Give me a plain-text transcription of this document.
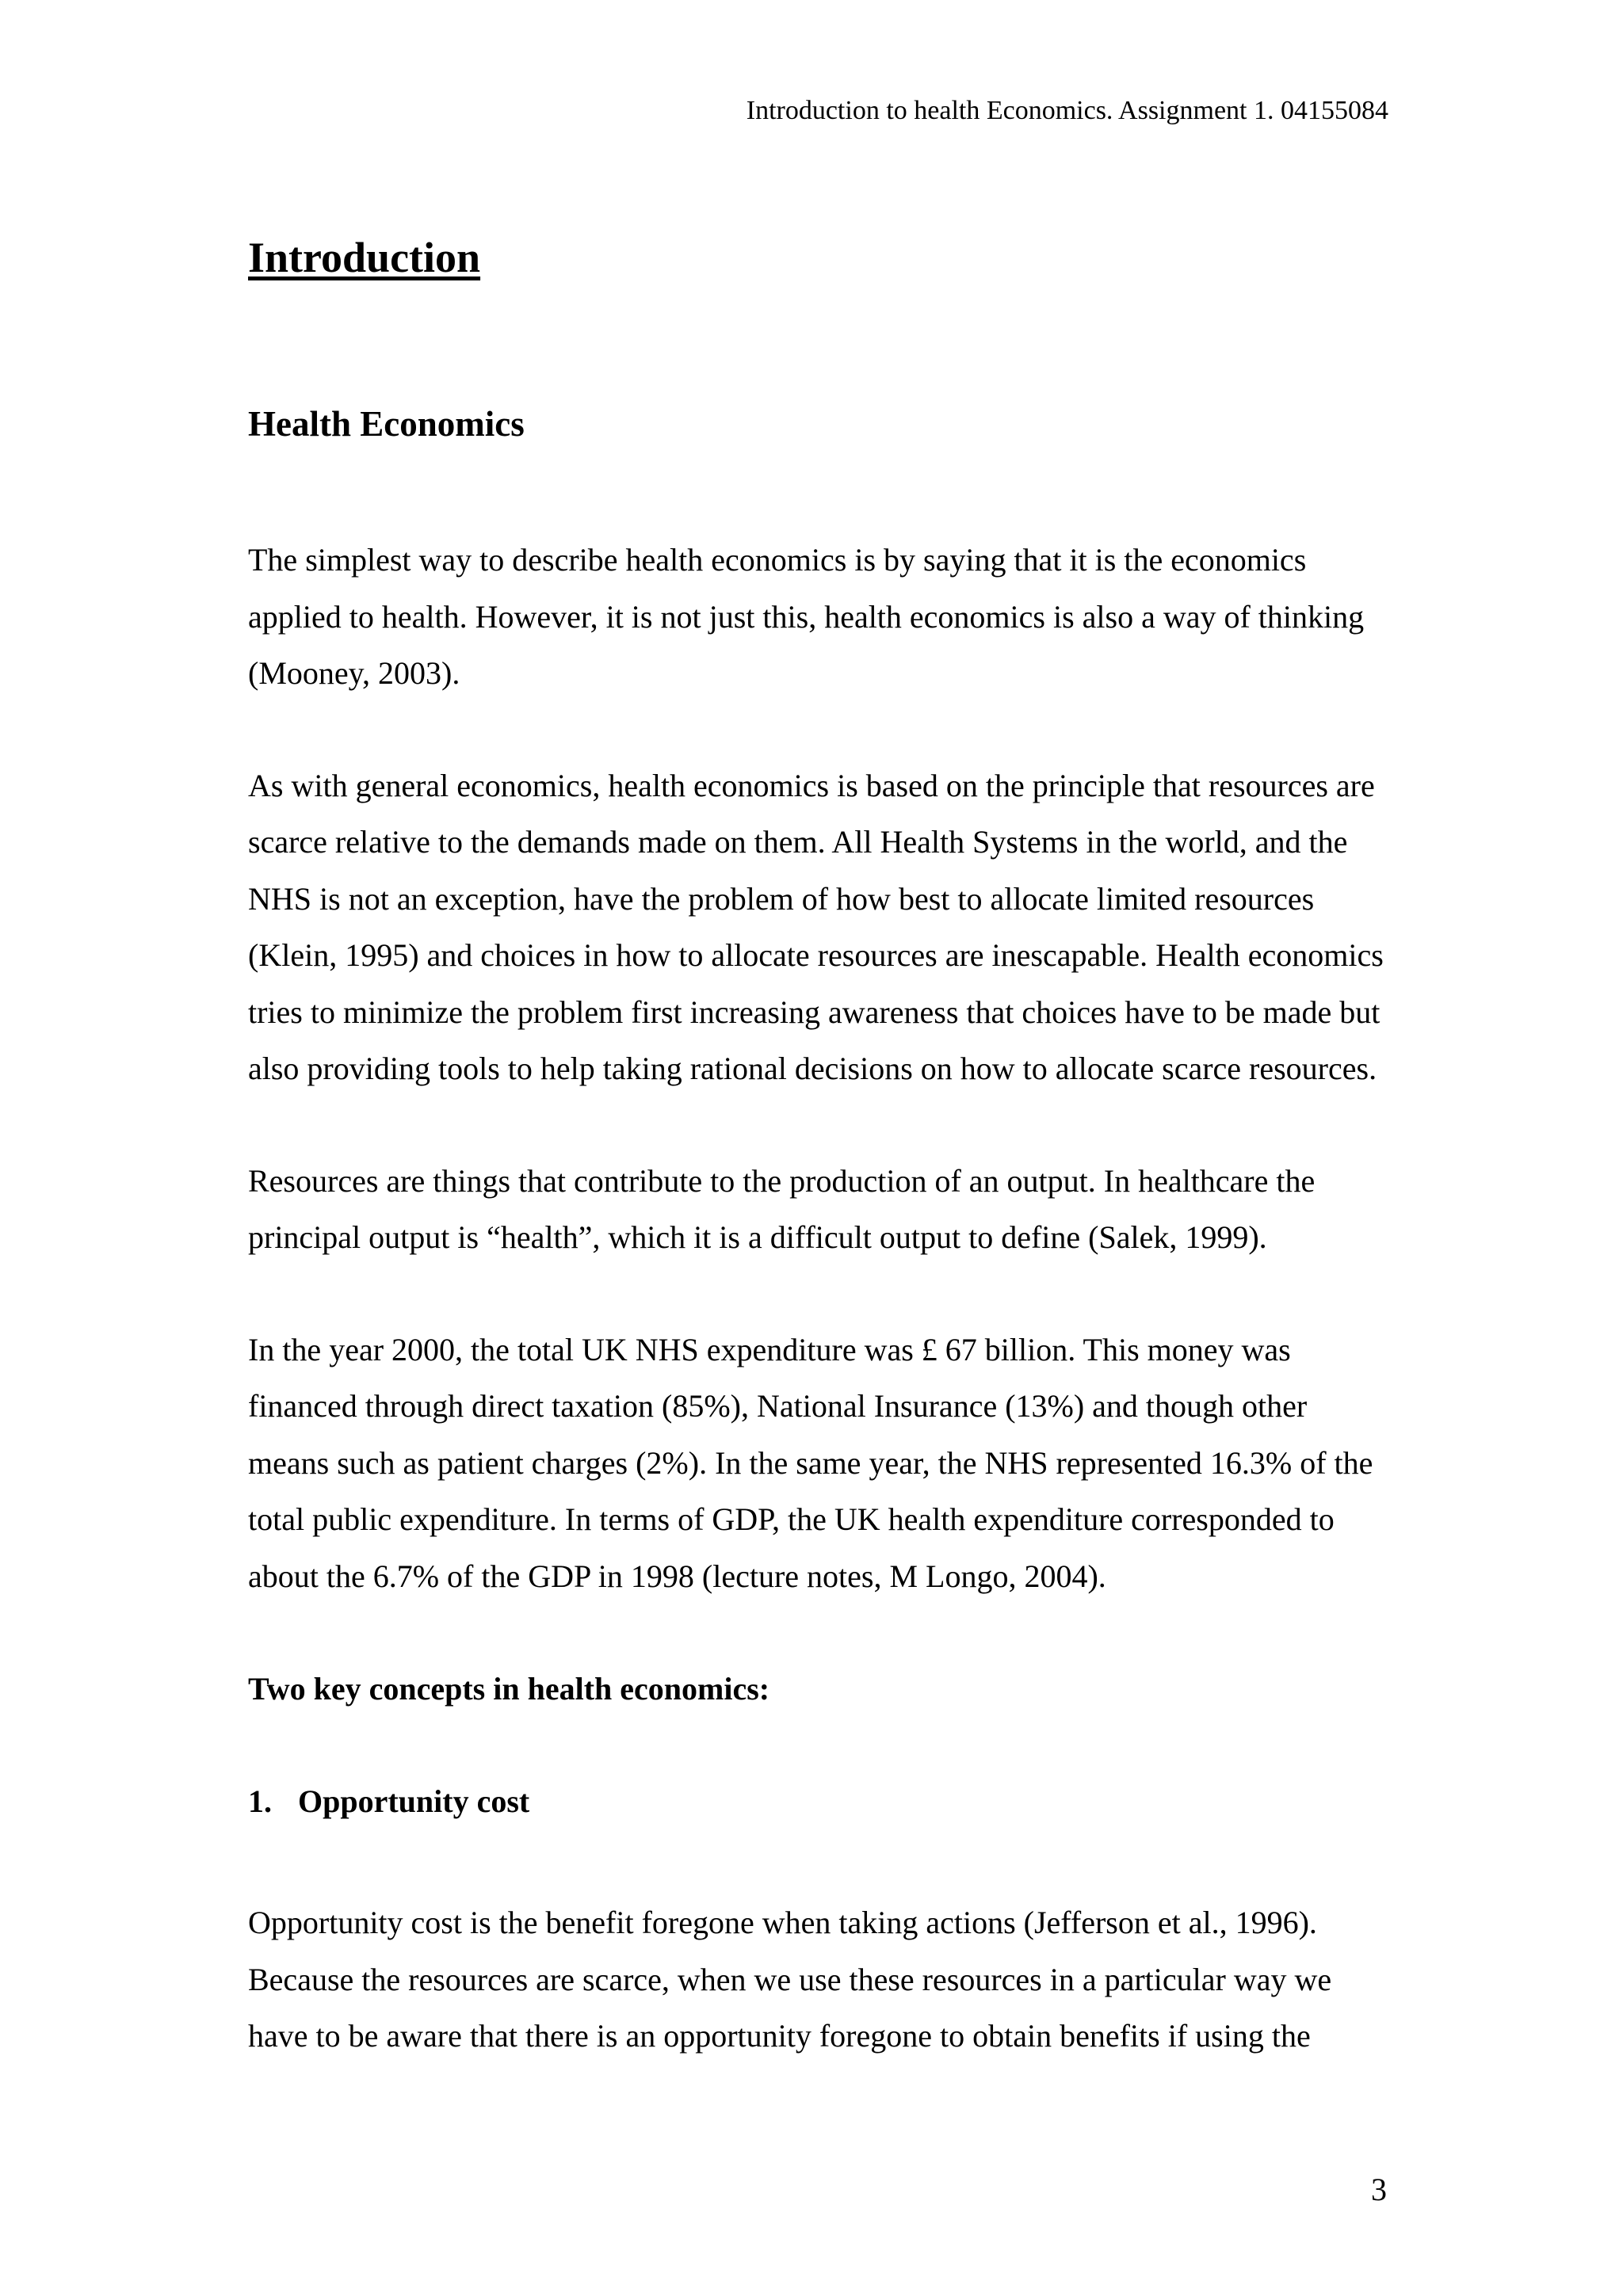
Introduction to health Economics. Assignment 1. 04155084
Introduction
Health Economics

The simplest way to describe health economics is by saying that it is the economics applied to health. However, it is not just this, health economics is also a way of thinking (Mooney, 2003).

As with general economics, health economics is based on the principle that resources are scarce relative to the demands made on them. All Health Systems in the world, and the NHS is not an exception, have the problem of how best to allocate limited resources (Klein, 1995) and choices in how to allocate resources are inescapable. Health economics tries to minimize the problem first increasing awareness that choices have to be made but also providing tools to help taking rational decisions on how to allocate scarce resources.

Resources are things that contribute to the production of an output. In healthcare the principal output is “health”, which it is a difficult output to define (Salek, 1999).

In the year 2000, the total UK NHS expenditure was £ 67 billion. This money was financed through direct taxation (85%), National Insurance (13%) and though other means such as patient charges (2%). In the same year, the NHS represented 16.3% of the total public expenditure. In terms of GDP, the UK health expenditure corresponded to about the 6.7% of the GDP in 1998 (lecture notes, M Longo, 2004).

Two key concepts in health economics:

1. Opportunity cost

Opportunity cost is the benefit foregone when taking actions (Jefferson et al., 1996). Because the resources are scarce, when we use these resources in a particular way we have to be aware that there is an opportunity foregone to obtain benefits if using the

3
